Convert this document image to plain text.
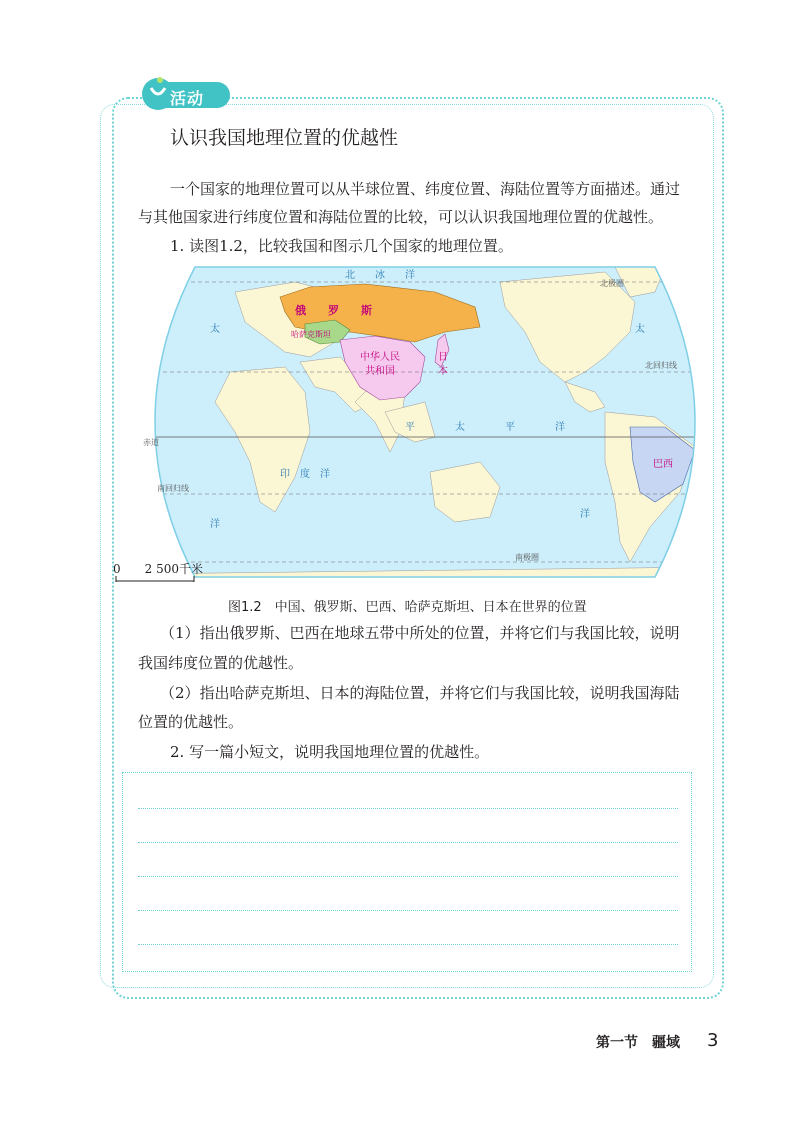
活动
认识我国地理位置的优越性
一个国家的地理位置可以从半球位置、纬度位置、海陆位置等方面描述。通过
与其他国家进行纬度位置和海陆位置的比较，可以认识我国地理位置的优越性。
1. 读图1.2，比较我国和图示几个国家的地理位置。
俄　　罗　　斯
哈萨克斯坦
中华人民
共和国
日
本
巴西
北　　冰　　洋
太	太
平　　　　太　　　　平　　　　洋
印　度　洋
洋
洋
北极圈
北回归线
赤道
南回归线
南极圈
0　　2 500千米
图1.2　中国、俄罗斯、巴西、哈萨克斯坦、日本在世界的位置
（1）指出俄罗斯、巴西在地球五带中所处的位置，并将它们与我国比较，说明
我国纬度位置的优越性。
（2）指出哈萨克斯坦、日本的海陆位置，并将它们与我国比较，说明我国海陆
位置的优越性。
2. 写一篇小短文，说明我国地理位置的优越性。
第一节　疆域 3
